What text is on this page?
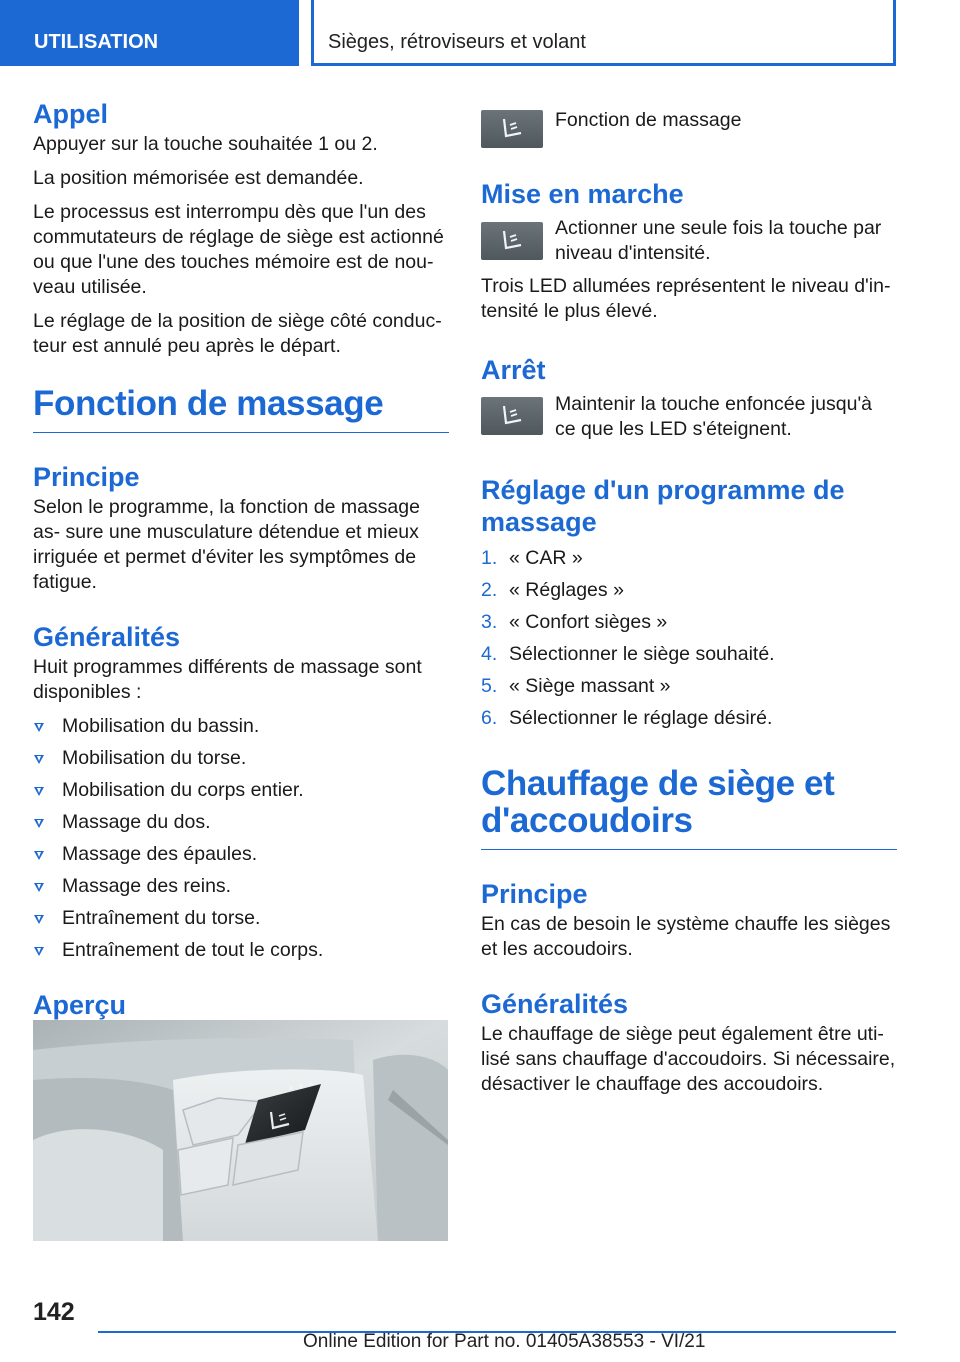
UTILISATION	Sièges, rétroviseurs et volant
Appel

Appuyer sur la touche souhaitée 1 ou 2.

La position mémorisée est demandée.

Le processus est interrompu dès que l'un des commutateurs de réglage de siège est actionné ou que l'une des touches mémoire est de nou‐ veau utilisée.

Le réglage de la position de siège côté conduc‐ teur est annulé peu après le départ.

Fonction de massage
Principe

Selon le programme, la fonction de massage as‐ sure une musculature détendue et mieux irriguée et permet d'éviter les symptômes de fatigue.

Généralités

Huit programmes différents de massage sont disponibles :

Mobilisation du bassin.
Mobilisation du torse.
Mobilisation du corps entier.
Massage du dos.
Massage des épaules.
Massage des reins.
Entraînement du torse.
Entraînement de tout le corps.
Aperçu
Fonction de massage
Mise en marche
Actionner une seule fois la touche par niveau d'intensité.

Trois LED allumées représentent le niveau d'in‐ tensité le plus élevé.

Arrêt
Maintenir la touche enfoncée jusqu'à ce que les LED s'éteignent.
Réglage d'un programme de massage
1. « CAR »
2. « Réglages »
3. « Confort sièges »
4. Sélectionner le siège souhaité.
5. « Siège massant »
6. Sélectionner le réglage désiré.
Chauffage de siège et d'accoudoirs
Principe

En cas de besoin le système chauffe les sièges et les accoudoirs.

Généralités

Le chauffage de siège peut également être uti‐ lisé sans chauffage d'accoudoirs. Si nécessaire, désactiver le chauffage des accoudoirs.

142
Online Edition for Part no. 01405A38553 - VI/21
